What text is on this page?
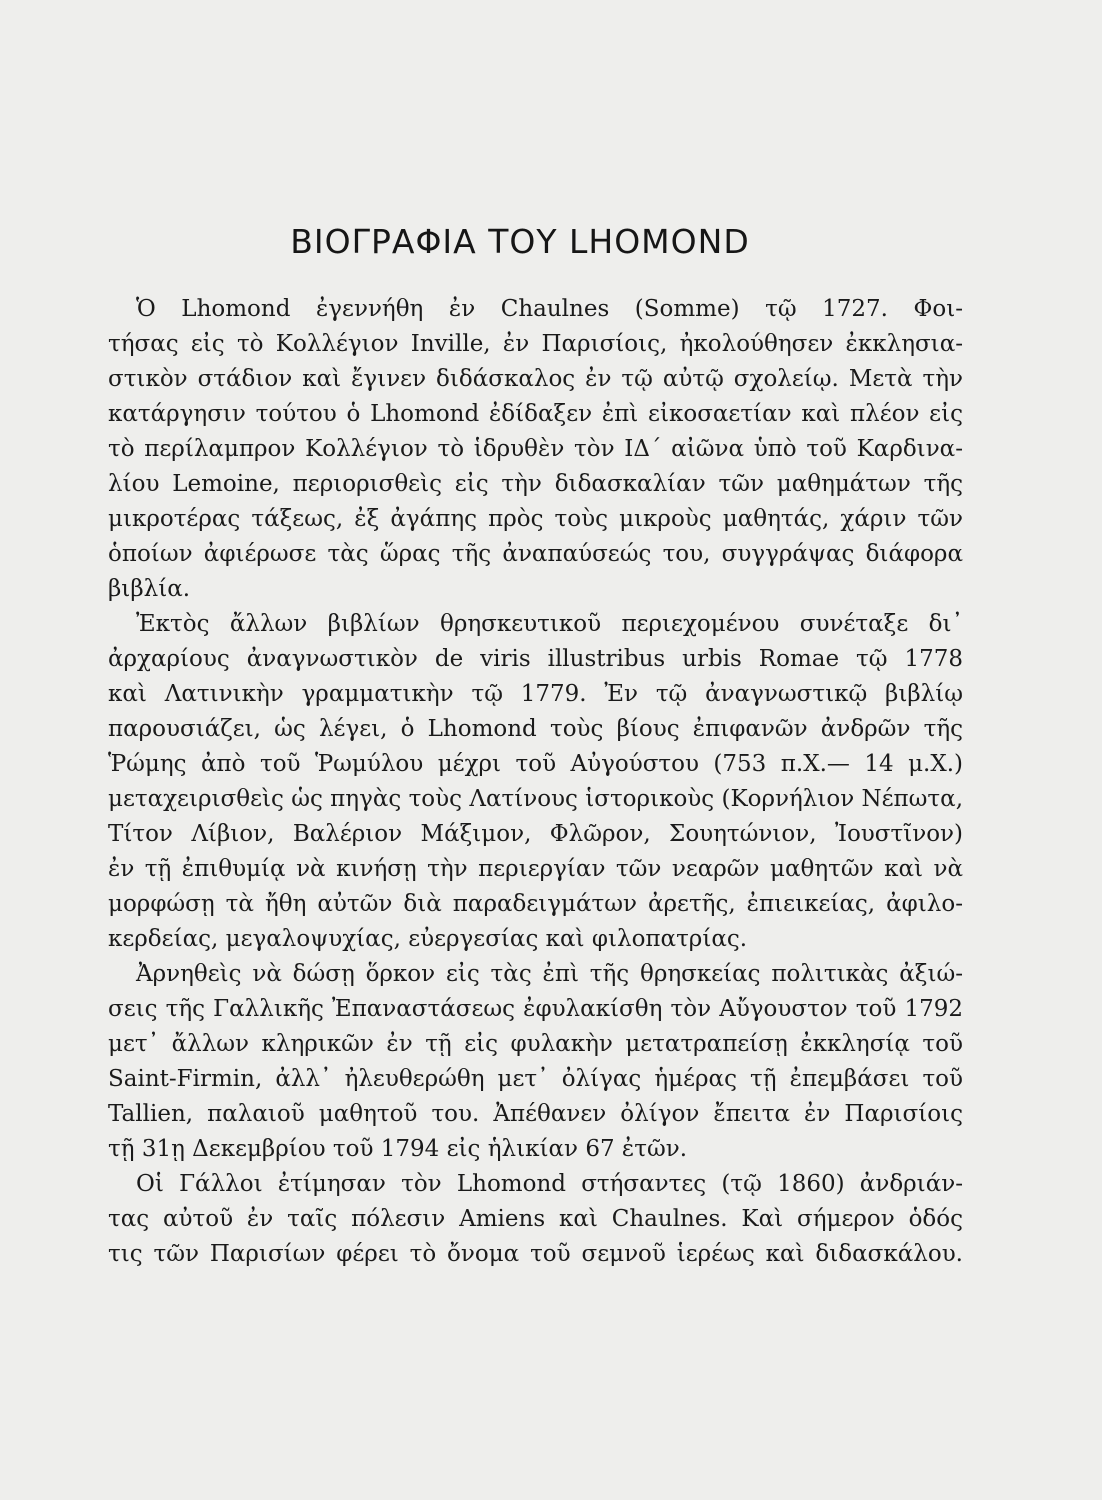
ΒΙΟΓΡΑΦΙΑ ΤΟΥ LHOMOND
Ὁ Lhomond ἐγεννήθη ἐν Chaulnes (Somme) τῷ 1727. Φοι-
τήσας εἰς τὸ Κολλέγιον Inville, ἐν Παρισίοις, ἠκολούθησεν ἐκκλησια-
στικὸν στάδιον καὶ ἔγινεν διδάσκαλος ἐν τῷ αὐτῷ σχολείῳ. Μετὰ τὴν
κατάργησιν τούτου ὁ Lhomond ἐδίδαξεν ἐπὶ εἰκοσαετίαν καὶ πλέον εἰς
τὸ περίλαμπρον Κολλέγιον τὸ ἱδρυθὲν τὸν ΙΔ΄ αἰῶνα ὑπὸ τοῦ Καρδινα-
λίου Lemoine, περιορισθεὶς εἰς τὴν διδασκαλίαν τῶν μαθημάτων τῆς
μικροτέρας τάξεως, ἐξ ἀγάπης πρὸς τοὺς μικροὺς μαθητάς, χάριν τῶν
ὁποίων ἀφιέρωσε τὰς ὥρας τῆς ἀναπαύσεώς του, συγγράψας διάφορα
βιβλία.
Ἐκτὸς ἄλλων βιβλίων θρησκευτικοῦ περιεχομένου συνέταξε δι᾿
ἀρχαρίους ἀναγνωστικὸν de viris illustribus urbis Romae τῷ 1778
καὶ Λατινικὴν γραμματικὴν τῷ 1779. Ἐν τῷ ἀναγνωστικῷ βιβλίῳ
παρουσιάζει, ὡς λέγει, ὁ Lhomond τοὺς βίους ἐπιφανῶν ἀνδρῶν τῆς
Ῥώμης ἀπὸ τοῦ Ῥωμύλου μέχρι τοῦ Αὐγούστου (753 π.Χ.— 14 μ.Χ.)
μεταχειρισθεὶς ὡς πηγὰς τοὺς Λατίνους ἱστορικοὺς (Κορνήλιον Νέπωτα,
Τίτον Λίβιον, Βαλέριον Μάξιμον, Φλῶρον, Σουητώνιον, Ἰουστῖνον)
ἐν τῇ ἐπιθυμίᾳ νὰ κινήσῃ τὴν περιεργίαν τῶν νεαρῶν μαθητῶν καὶ νὰ
μορφώσῃ τὰ ἤθη αὐτῶν διὰ παραδειγμάτων ἀρετῆς, ἐπιεικείας, ἀφιλο-
κερδείας, μεγαλοψυχίας, εὐεργεσίας καὶ φιλοπατρίας.
Ἀρνηθεὶς νὰ δώσῃ ὅρκον εἰς τὰς ἐπὶ τῆς θρησκείας πολιτικὰς ἀξιώ-
σεις τῆς Γαλλικῆς Ἐπαναστάσεως ἐφυλακίσθη τὸν Αὔγουστον τοῦ 1792
μετ᾿ ἄλλων κληρικῶν ἐν τῇ εἰς φυλακὴν μετατραπείσῃ ἐκκλησίᾳ τοῦ
Saint-Firmin, ἀλλ᾿ ἠλευθερώθη μετ᾿ ὀλίγας ἡμέρας τῇ ἐπεμβάσει τοῦ
Tallien, παλαιοῦ μαθητοῦ του. Ἀπέθανεν ὀλίγον ἔπειτα ἐν Παρισίοις
τῇ 31ῃ Δεκεμβρίου τοῦ 1794 εἰς ἡλικίαν 67 ἐτῶν.
Οἱ Γάλλοι ἐτίμησαν τὸν Lhomond στήσαντες (τῷ 1860) ἀνδριάν-
τας αὐτοῦ ἐν ταῖς πόλεσιν Amiens καὶ Chaulnes. Καὶ σήμερον ὁδός
τις τῶν Παρισίων φέρει τὸ ὄνομα τοῦ σεμνοῦ ἱερέως καὶ διδασκάλου.
